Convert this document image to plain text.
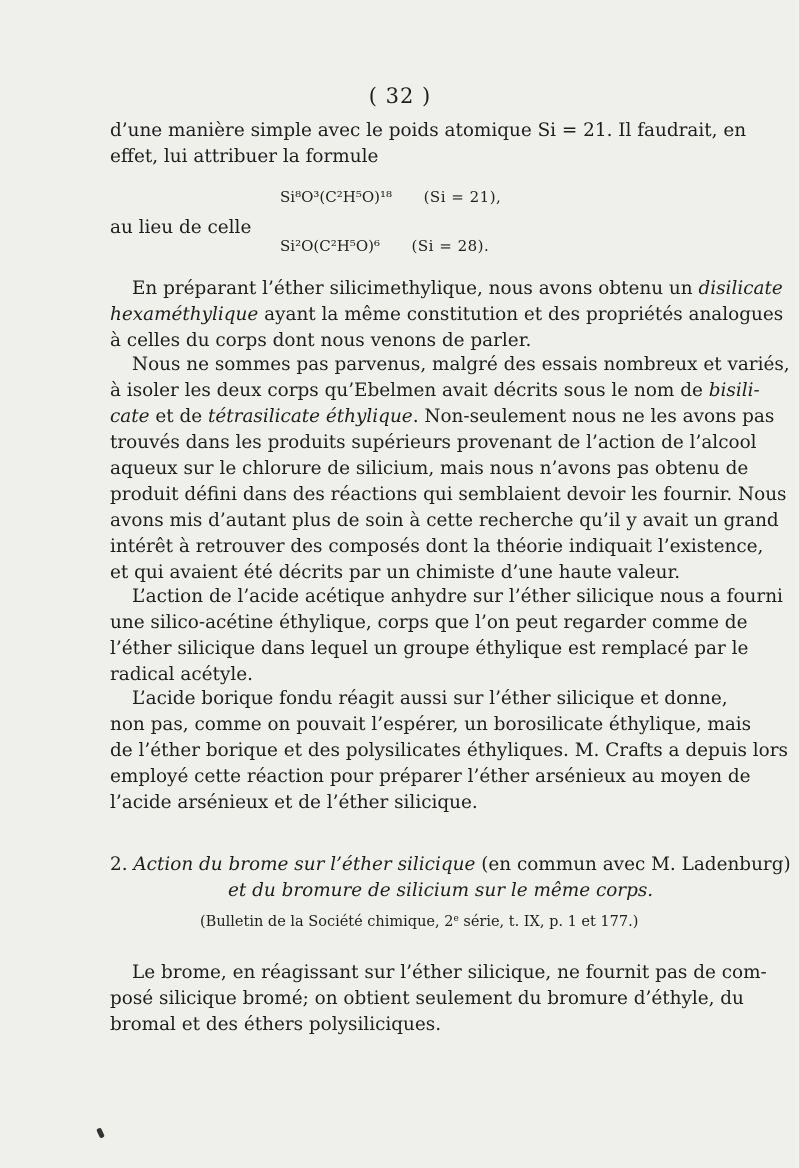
( 32 )
d’une manière simple avec le poids atomique Si = 21. Il faudrait, en
effet, lui attribuer la formule
Si⁸O³(C²H⁵O)¹⁸ (Si = 21),
au lieu de celle
Si²O(C²H⁵O)⁶ (Si = 28).
En préparant l’éther silicimethylique, nous avons obtenu un disilicate
hexaméthylique ayant la même constitution et des propriétés analogues
à celles du corps dont nous venons de parler.
Nous ne sommes pas parvenus, malgré des essais nombreux et variés,
à isoler les deux corps qu’Ebelmen avait décrits sous le nom de bisili-
cate et de tétrasilicate éthylique. Non-seulement nous ne les avons pas
trouvés dans les produits supérieurs provenant de l’action de l’alcool
aqueux sur le chlorure de silicium, mais nous n’avons pas obtenu de
produit défini dans des réactions qui semblaient devoir les fournir. Nous
avons mis d’autant plus de soin à cette recherche qu’il y avait un grand
intérêt à retrouver des composés dont la théorie indiquait l’existence,
et qui avaient été décrits par un chimiste d’une haute valeur.
L’action de l’acide acétique anhydre sur l’éther silicique nous a fourni
une silico-acétine éthylique, corps que l’on peut regarder comme de
l’éther silicique dans lequel un groupe éthylique est remplacé par le
radical acétyle.
L’acide borique fondu réagit aussi sur l’éther silicique et donne,
non pas, comme on pouvait l’espérer, un borosilicate éthylique, mais
de l’éther borique et des polysilicates éthyliques. M. Crafts a depuis lors
employé cette réaction pour préparer l’éther arsénieux au moyen de
l’acide arsénieux et de l’éther silicique.
2. Action du brome sur l’éther silicique (en commun avec M. Ladenburg)
et du bromure de silicium sur le même corps.
(Bulletin de la Société chimique, 2e série, t. IX, p. 1 et 177.)
Le brome, en réagissant sur l’éther silicique, ne fournit pas de com-
posé silicique bromé; on obtient seulement du bromure d’éthyle, du
bromal et des éthers polysiliciques.
